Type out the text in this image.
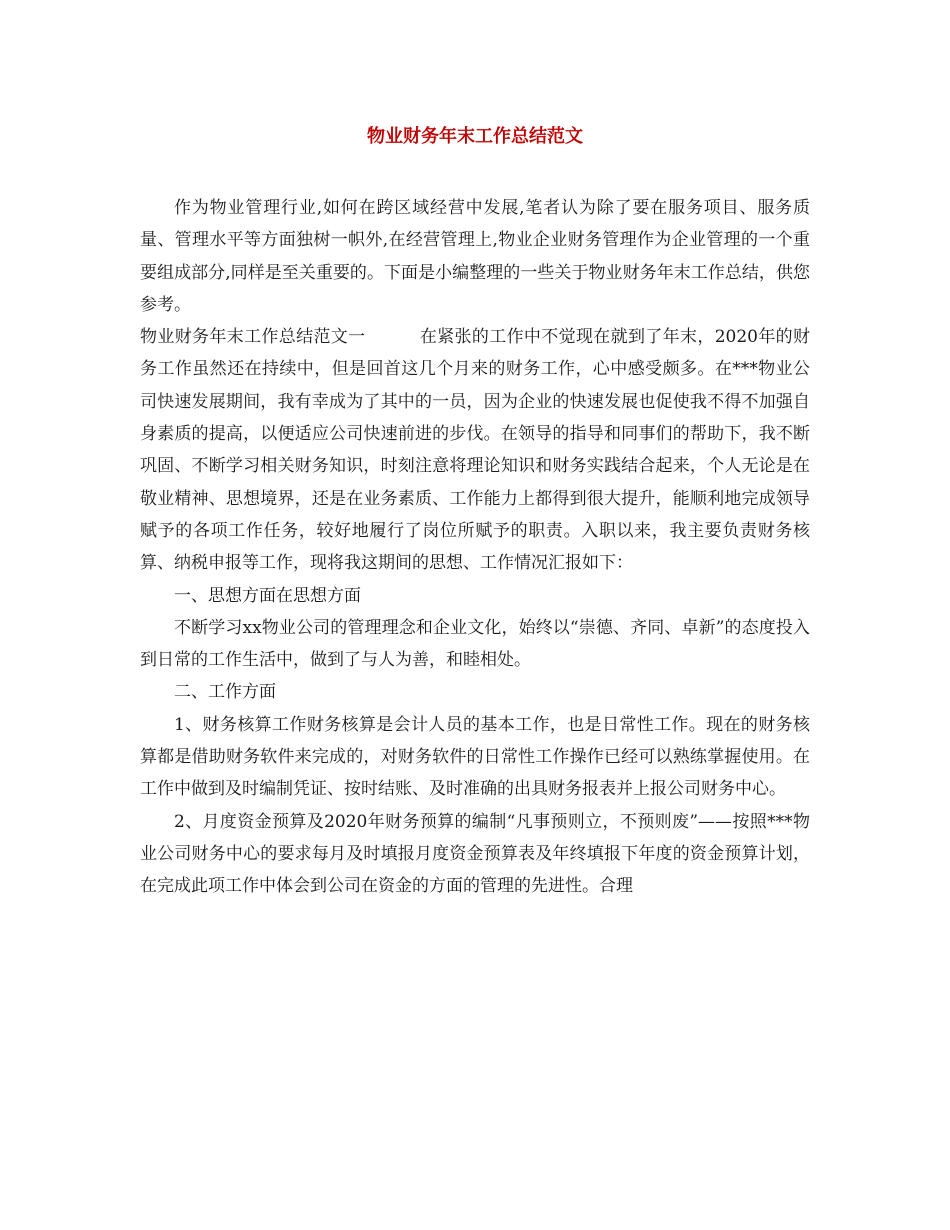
物业财务年末工作总结范文

作为物业管理行业,如何在跨区域经营中发展,笔者认为除了要在服务项目、服务质量、管理水平等方面独树一帜外,在经营管理上,物业企业财务管理作为企业管理的一个重要组成部分,同样是至关重要的。下面是小编整理的一些关于物业财务年末工作总结，供您参考。

物业财务年末工作总结范文一	在紧张的工作中不觉现在就到了年末，2020年的财务工作虽然还在持续中，但是回首这几个月来的财务工作，心中感受颇多。在***物业公司快速发展期间，我有幸成为了其中的一员，因为企业的快速发展也促使我不得不加强自身素质的提高，以便适应公司快速前进的步伐。在领导的指导和同事们的帮助下，我不断巩固、不断学习相关财务知识，时刻注意将理论知识和财务实践结合起来，个人无论是在敬业精神、思想境界，还是在业务素质、工作能力上都得到很大提升，能顺利地完成领导赋予的各项工作任务，较好地履行了岗位所赋予的职责。入职以来，我主要负责财务核算、纳税申报等工作，现将我这期间的思想、工作情况汇报如下：

一、思想方面在思想方面

不断学习xx物业公司的管理理念和企业文化，始终以“崇德、齐同、卓新”的态度投入到日常的工作生活中，做到了与人为善，和睦相处。

二、工作方面

1、财务核算工作财务核算是会计人员的基本工作，也是日常性工作。现在的财务核算都是借助财务软件来完成的，对财务软件的日常性工作操作已经可以熟练掌握使用。在工作中做到及时编制凭证、按时结账、及时准确的出具财务报表并上报公司财务中心。

2、月度资金预算及2020年财务预算的编制“凡事预则立，不预则废”——按照***物业公司财务中心的要求每月及时填报月度资金预算表及年终填报下年度的资金预算计划，在完成此项工作中体会到公司在资金的方面的管理的先进性。合理
